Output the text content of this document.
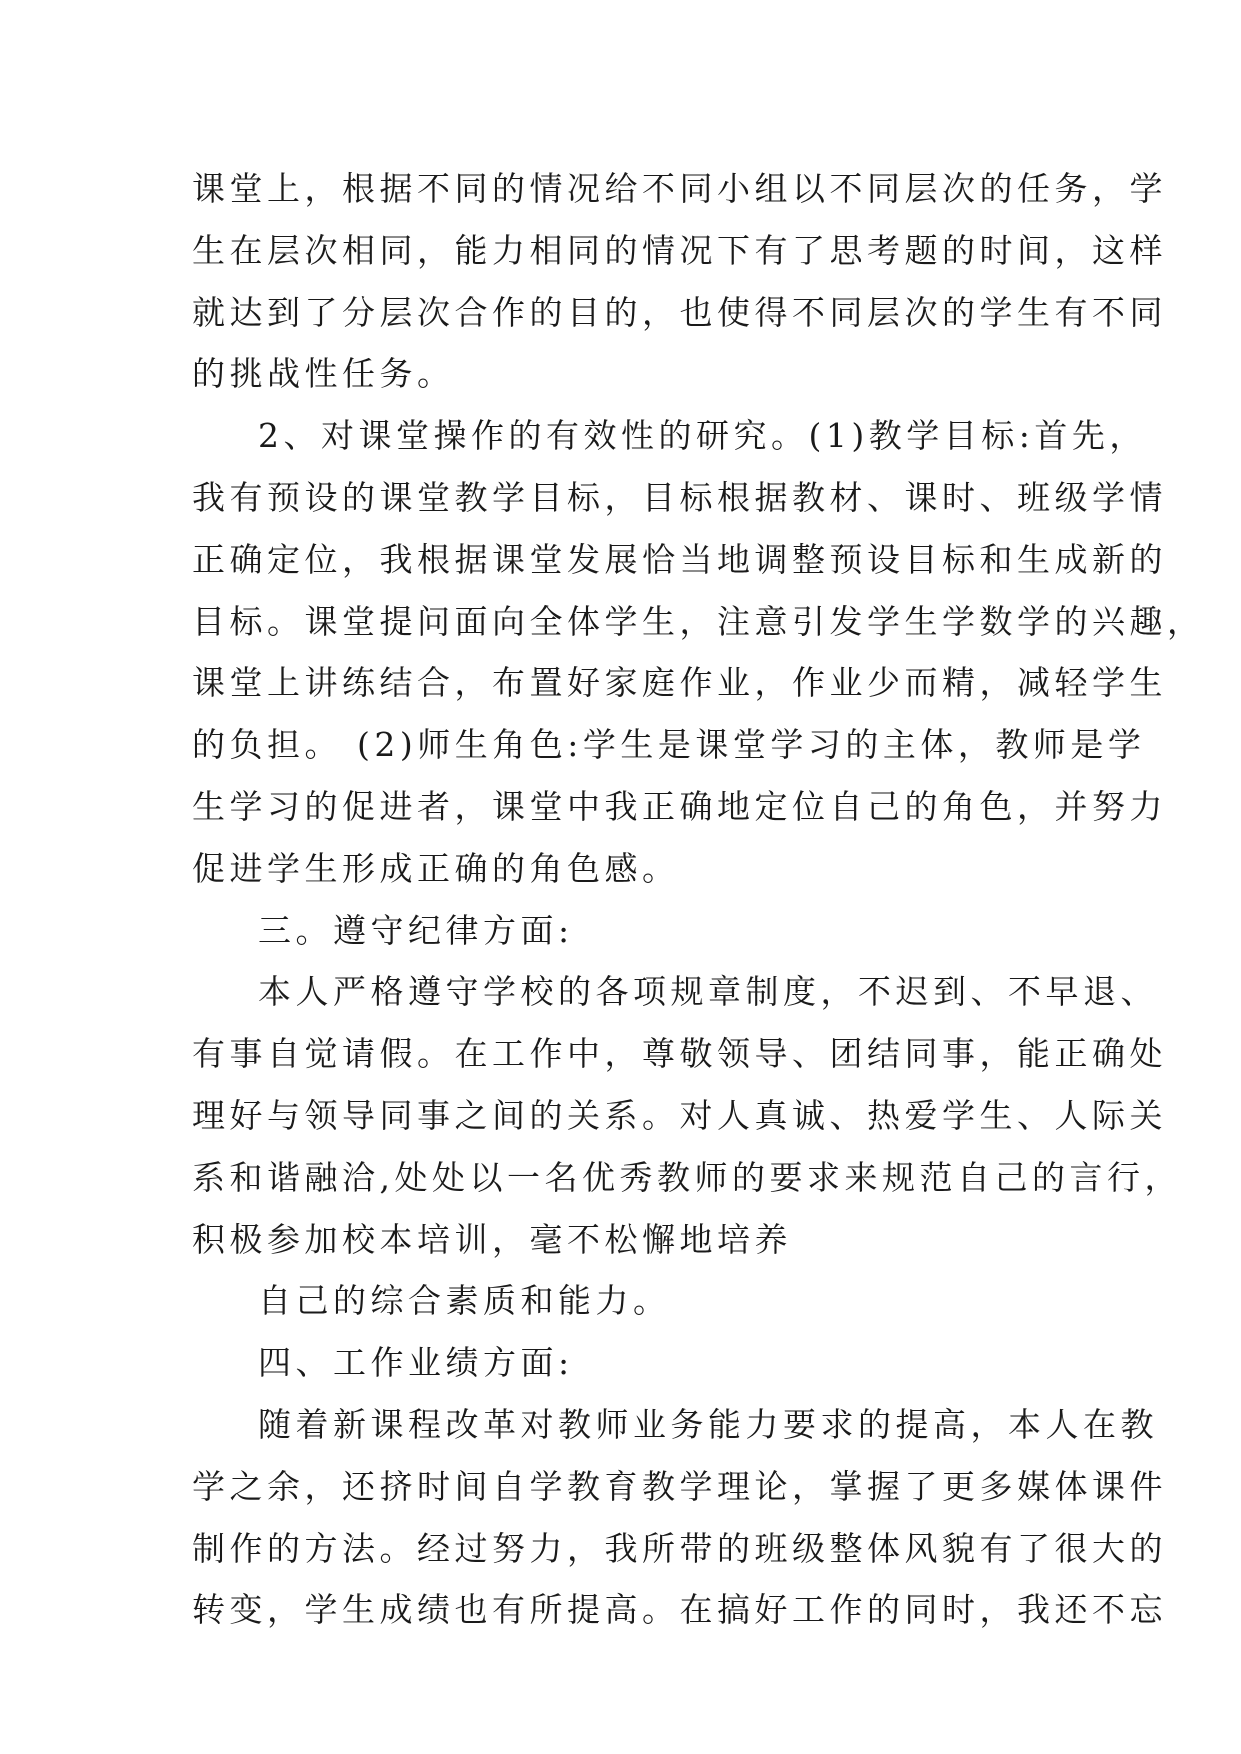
课堂上，根据不同的情况给不同小组以不同层次的任务，学
生在层次相同，能力相同的情况下有了思考题的时间，这样
就达到了分层次合作的目的，也使得不同层次的学生有不同
的挑战性任务。
2、对课堂操作的有效性的研究。(1)教学目标:首先，
我有预设的课堂教学目标，目标根据教材、课时、班级学情
正确定位，我根据课堂发展恰当地调整预设目标和生成新的
目标。课堂提问面向全体学生，注意引发学生学数学的兴趣，
课堂上讲练结合，布置好家庭作业，作业少而精，减轻学生
的负担。 (2)师生角色:学生是课堂学习的主体，教师是学
生学习的促进者，课堂中我正确地定位自己的角色，并努力
促进学生形成正确的角色感。
三。遵守纪律方面:
本人严格遵守学校的各项规章制度，不迟到、不早退、
有事自觉请假。在工作中，尊敬领导、团结同事，能正确处
理好与领导同事之间的关系。对人真诚、热爱学生、人际关
系和谐融洽,处处以一名优秀教师的要求来规范自己的言行，
积极参加校本培训，毫不松懈地培养
自己的综合素质和能力。
四、工作业绩方面:
随着新课程改革对教师业务能力要求的提高，本人在教
学之余，还挤时间自学教育教学理论，掌握了更多媒体课件
制作的方法。经过努力，我所带的班级整体风貌有了很大的
转变，学生成绩也有所提高。在搞好工作的同时，我还不忘
